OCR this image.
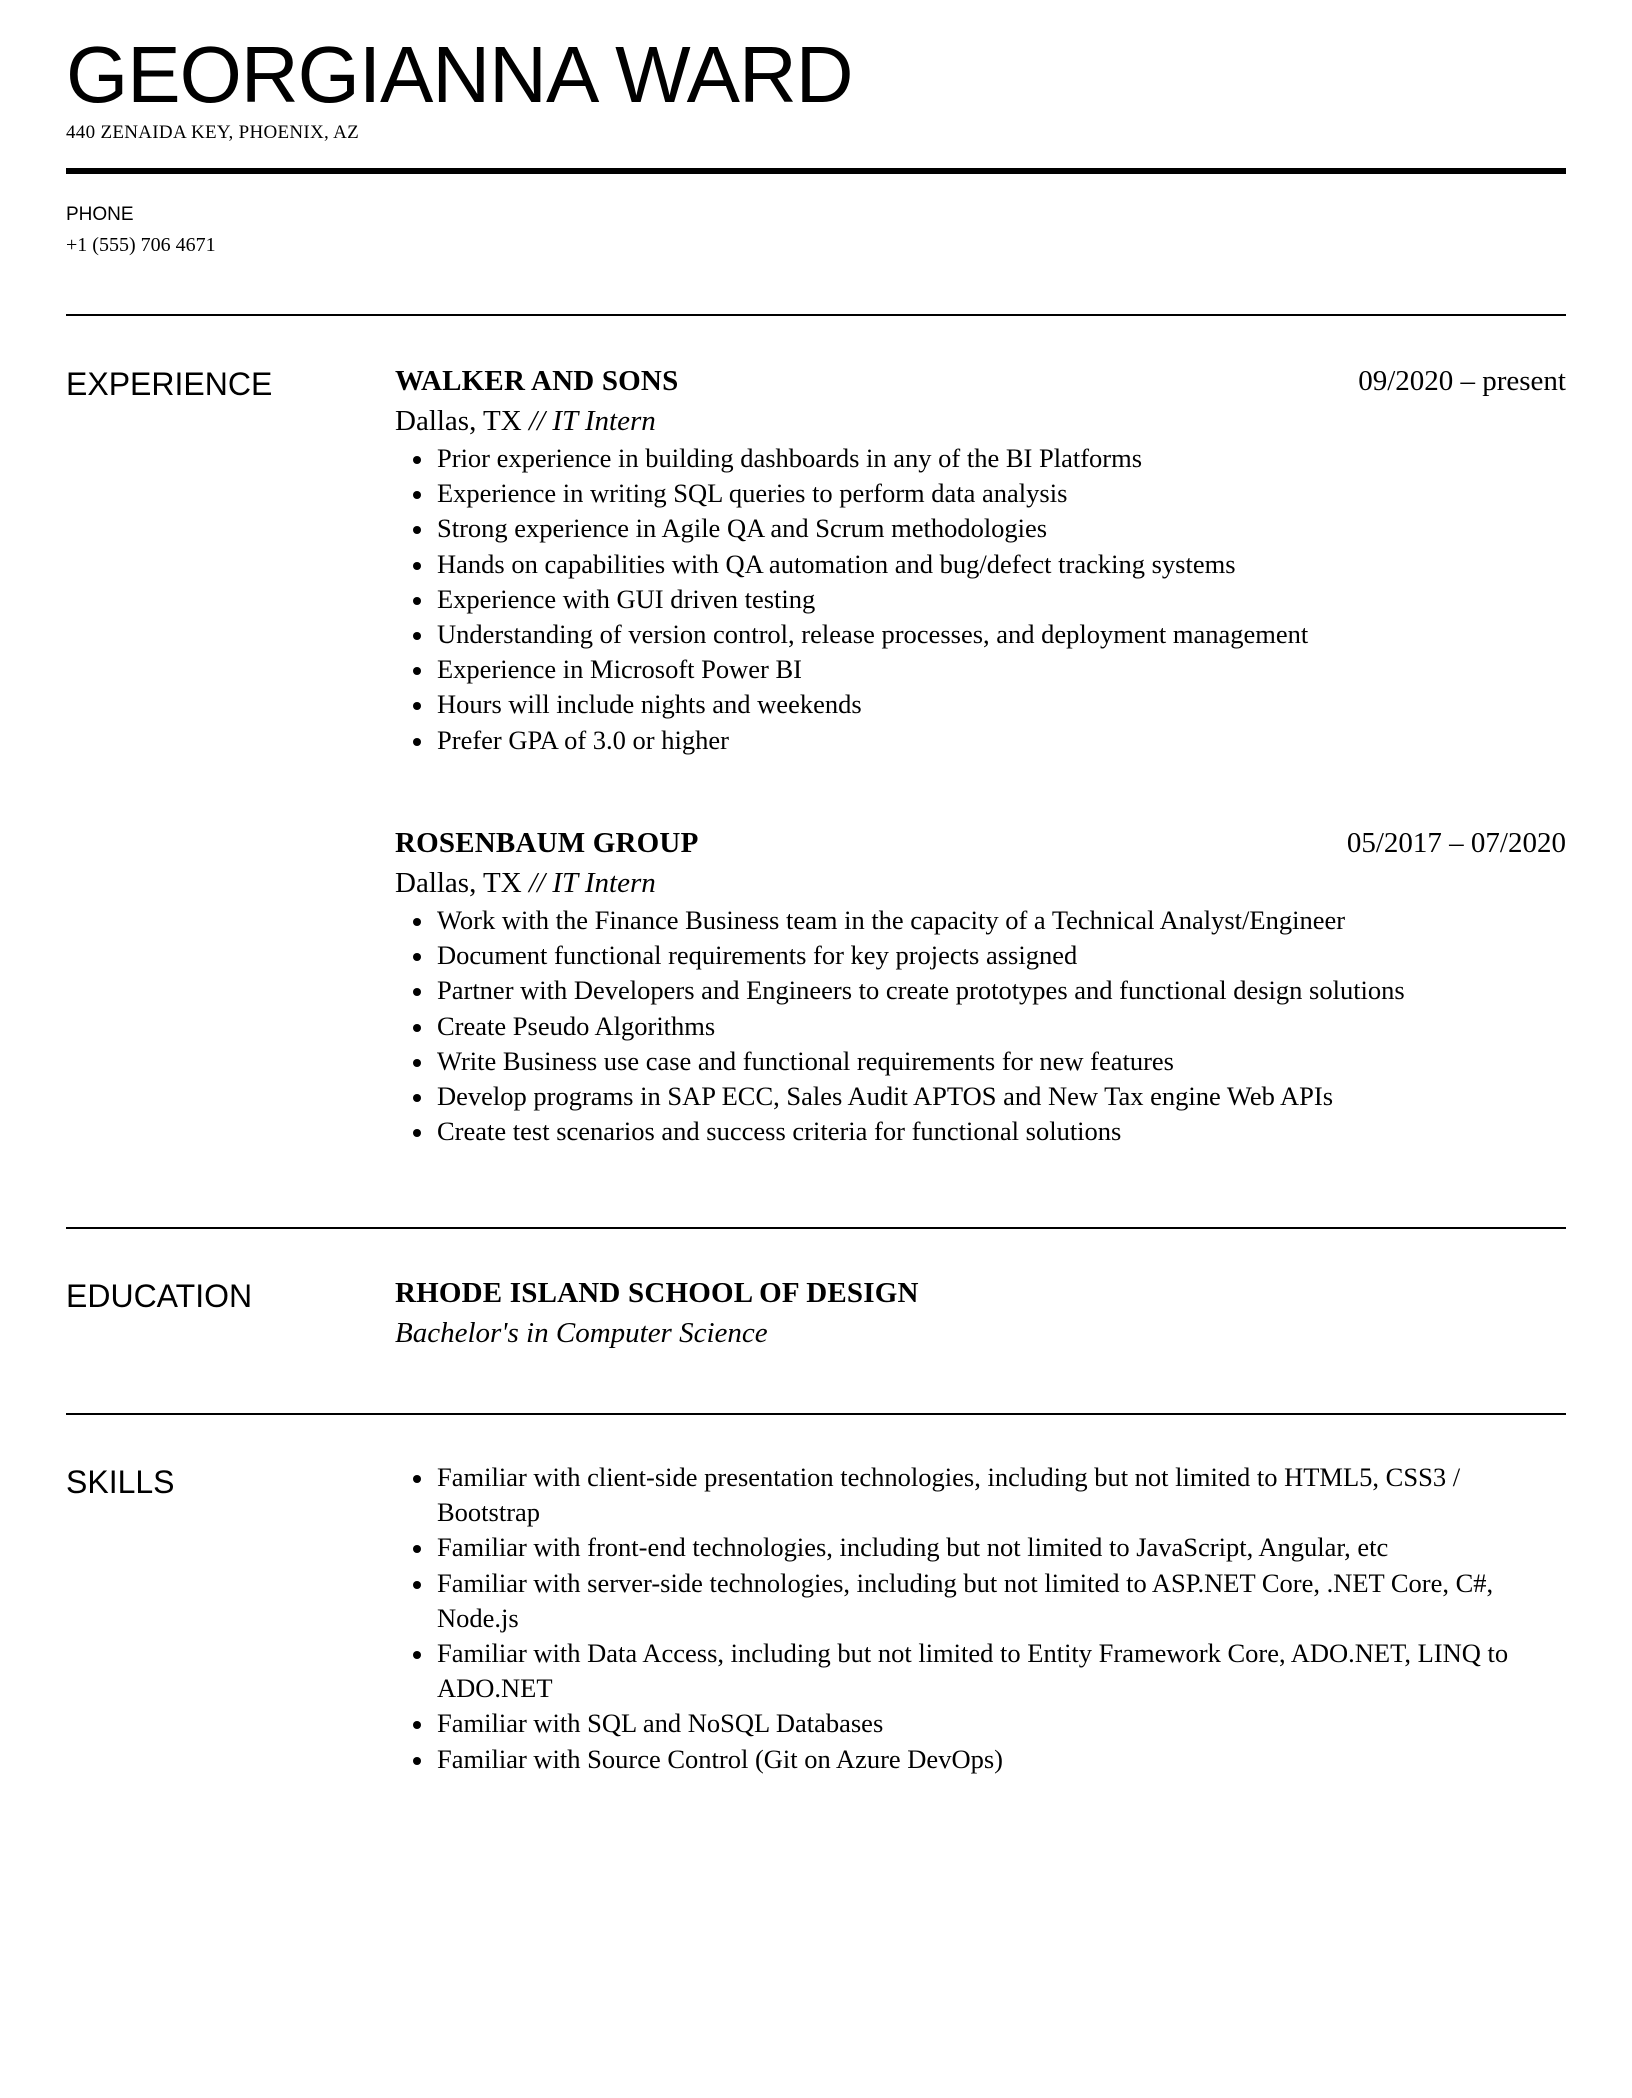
GEORGIANNA WARD
440 ZENAIDA KEY, PHOENIX, AZ
PHONE
+1 (555) 706 4671
EXPERIENCE	WALKER AND SONS	09/2020 – present
Dallas, TX // IT Intern
Prior experience in building dashboards in any of the BI Platforms
Experience in writing SQL queries to perform data analysis
Strong experience in Agile QA and Scrum methodologies
Hands on capabilities with QA automation and bug/defect tracking systems
Experience with GUI driven testing
Understanding of version control, release processes, and deployment management
Experience in Microsoft Power BI
Hours will include nights and weekends
Prefer GPA of 3.0 or higher
ROSENBAUM GROUP	05/2017 – 07/2020
Dallas, TX // IT Intern
Work with the Finance Business team in the capacity of a Technical Analyst/Engineer
Document functional requirements for key projects assigned
Partner with Developers and Engineers to create prototypes and functional design solutions
Create Pseudo Algorithms
Write Business use case and functional requirements for new features
Develop programs in SAP ECC, Sales Audit APTOS and New Tax engine Web APIs
Create test scenarios and success criteria for functional solutions
EDUCATION	RHODE ISLAND SCHOOL OF DESIGN
Bachelor's in Computer Science
SKILLS	Familiar with client-side presentation technologies, including but not limited to HTML5, CSS3 / Bootstrap
Familiar with front-end technologies, including but not limited to JavaScript, Angular, etc
Familiar with server-side technologies, including but not limited to ASP.NET Core, .NET Core, C#, Node.js
Familiar with Data Access, including but not limited to Entity Framework Core, ADO.NET, LINQ to ADO.NET
Familiar with SQL and NoSQL Databases
Familiar with Source Control (Git on Azure DevOps)
